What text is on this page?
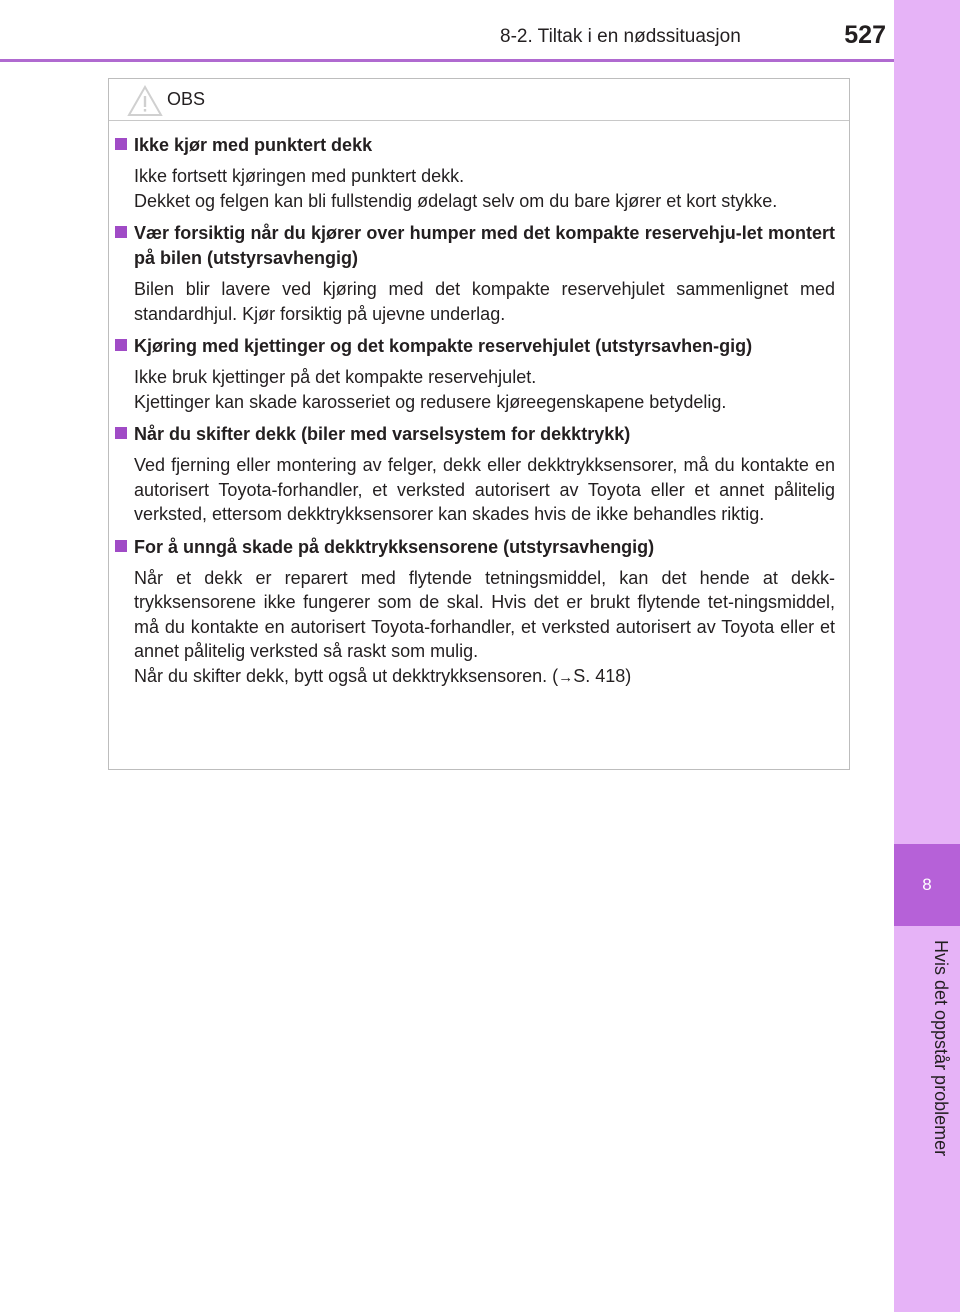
8-2. Tiltak i en nødssituasjon	527
8
Hvis det oppstår problemer
OBS
Ikke kjør med punktert dekk

Ikke fortsett kjøringen med punktert dekk.

Dekket og felgen kan bli fullstendig ødelagt selv om du bare kjører et kort stykke.

Vær forsiktig når du kjører over humper med det kompakte reservehju-let montert på bilen (utstyrsavhengig)

Bilen blir lavere ved kjøring med det kompakte reservehjulet sammenlignet med standardhjul. Kjør forsiktig på ujevne underlag.

Kjøring med kjettinger og det kompakte reservehjulet (utstyrsavhen-gig)

Ikke bruk kjettinger på det kompakte reservehjulet.

Kjettinger kan skade karosseriet og redusere kjøreegenskapene betydelig.

Når du skifter dekk (biler med varselsystem for dekktrykk)

Ved fjerning eller montering av felger, dekk eller dekktrykksensorer, må du kontakte en autorisert Toyota-forhandler, et verksted autorisert av Toyota eller et annet pålitelig verksted, ettersom dekktrykksensorer kan skades hvis de ikke behandles riktig.

For å unngå skade på dekktrykksensorene (utstyrsavhengig)

Når et dekk er reparert med flytende tetningsmiddel, kan det hende at dekk-trykksensorene ikke fungerer som de skal. Hvis det er brukt flytende tet-ningsmiddel, må du kontakte en autorisert Toyota-forhandler, et verksted autorisert av Toyota eller et annet pålitelig verksted så raskt som mulig.

Når du skifter dekk, bytt også ut dekktrykksensoren. (→S. 418)
